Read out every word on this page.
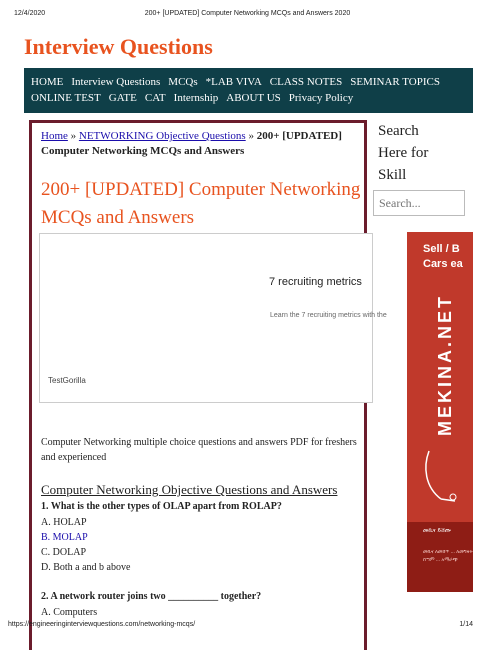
12/4/2020	200+ [UPDATED] Computer Networking MCQs and Answers 2020
Interview Questions
HOME Interview Questions MCQs *LAB VIVA CLASS NOTES SEMINAR TOPICS
ONLINE TEST GATE CAT Internship ABOUT US Privacy Policy
Home » NETWORKING Objective Questions » 200+ [UPDATED] Computer Networking MCQs and Answers
200+ [UPDATED] Computer Networking MCQs and Answers
7 recruiting metrics
Learn the 7 recruiting metrics with the
TestGorilla
Computer Networking multiple choice questions and answers PDF for freshers and experienced
Computer Networking Objective Questions and Answers
1. What is the other types of OLAP apart from ROLAP?
A. HOLAP
B. MOLAP
C. DOLAP
D. Both a and b above
2. A network router joins two __________ together?
A. Computers
Search Here for Skill
Search...
Sell / B
Cars ea
MEKINA.NET
መኪና ይሸጡ
መኪና ለመሸጥ ... ለመግዛት በጣም ... አማራጭ
https://engineeringinterviewquestions.com/networking-mcqs/	1/14
